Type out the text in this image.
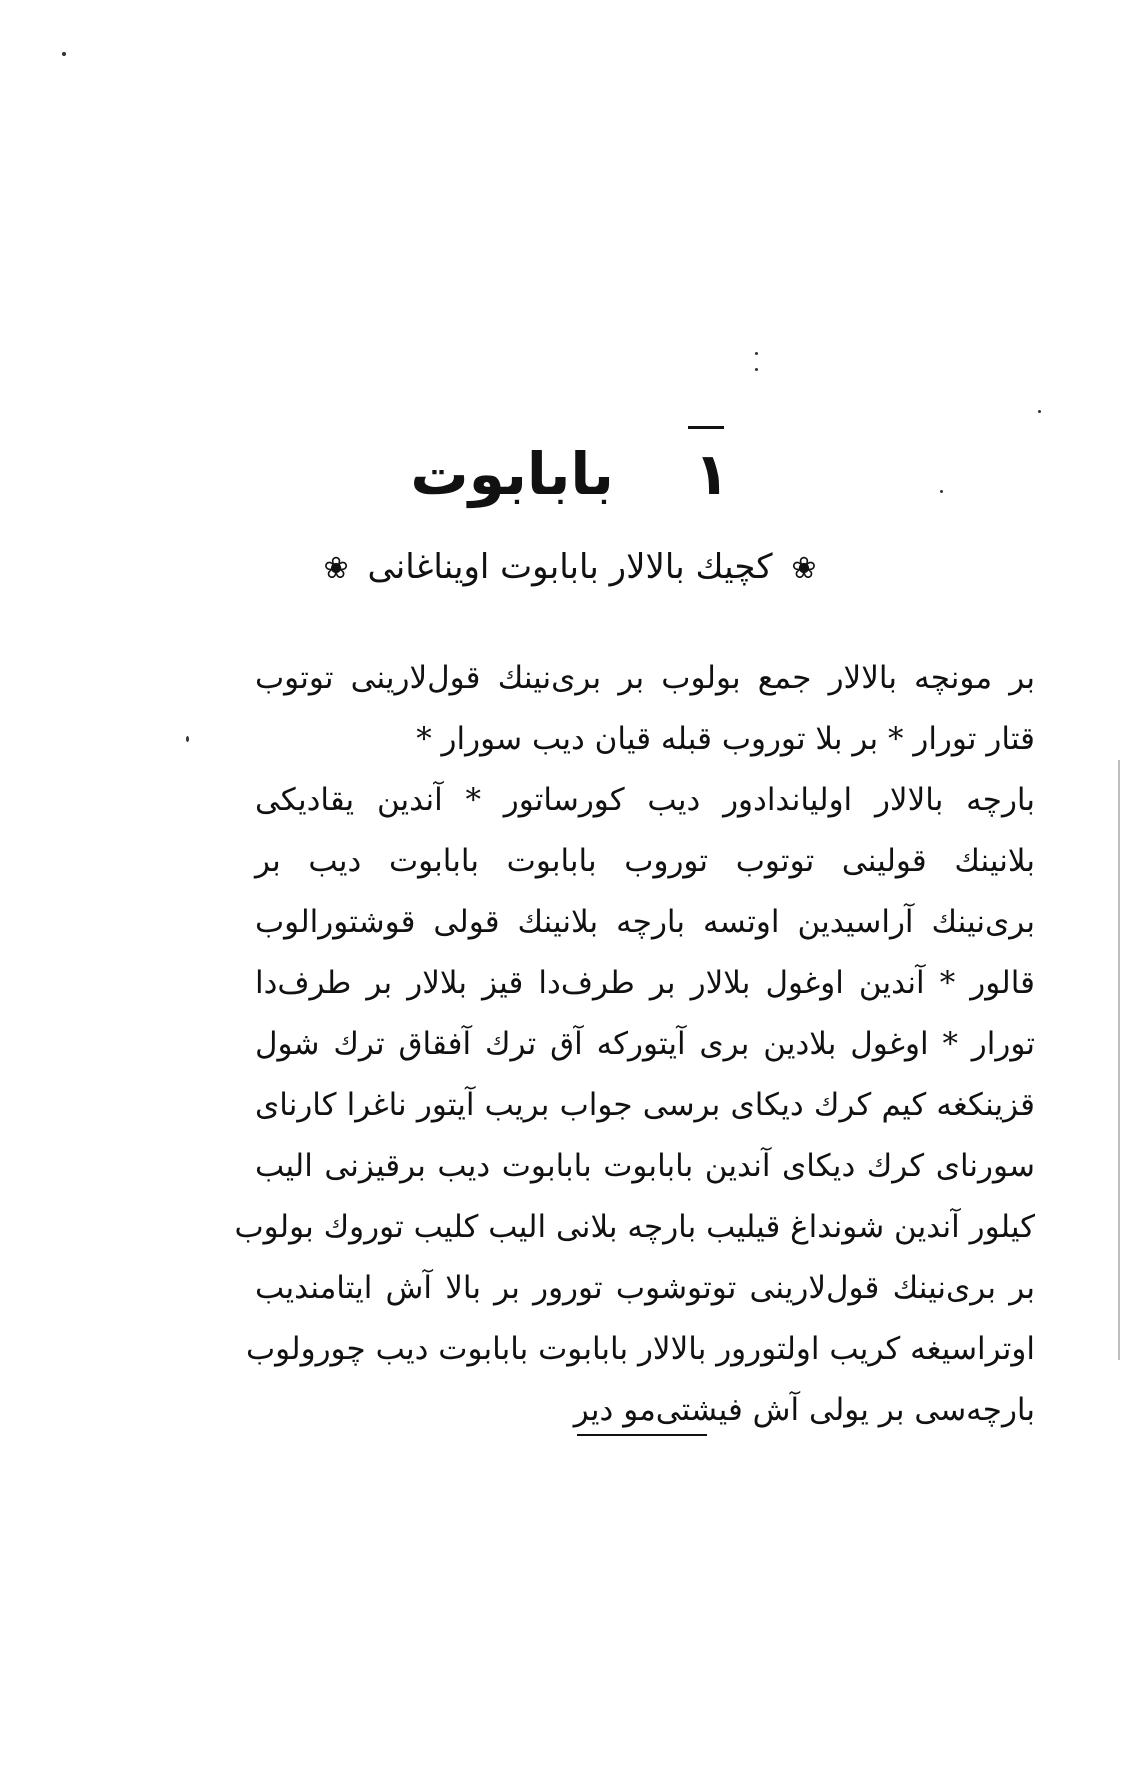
١ بابابوت
❀ كچيك بالالار بابابوت اويناغانی ❀
بر مونچه بالالار جمع بولوب بر بری‌نینك قول‌لارینی توتوب
قتار تورار * بر بلا توروب قبله قیان دیب سورار *
بارچه بالالار اولیاندادور دیب کورساتور * آندین یقادیکی
بلانینك قولینی توتوب توروب بابابوت بابابوت دیب بر
بری‌نینك آراسیدین اوتسه بارچه بلانینك قولی قوشتورالوب
قالور * آندین اوغول بلالار بر طرف‌دا قیز بلالار بر طرف‌دا
تورار * اوغول بلادین بری آیتورکه آق ترك آفقاق ترك شول
قزینكغه كیم کرك دیکای برسی جواب بریب آیتور ناغرا كارنای
سورنای كرك دیکای آندین بابابوت بابابوت دیب برقیزنی الیب
كیلور آندین شونداغ قیلیب بارچه بلانی الیب كلیب توروك بولوب
بر بری‌نینك قول‌لارینی توتوشوب تورور بر بالا آش ایتامندیب
اوترا‌سیغه كریب اولتورور بالالار بابابوت بابابوت دیب چورولوب
بارچه‌سی بر یولی آش فیشتی‌مو دیر
